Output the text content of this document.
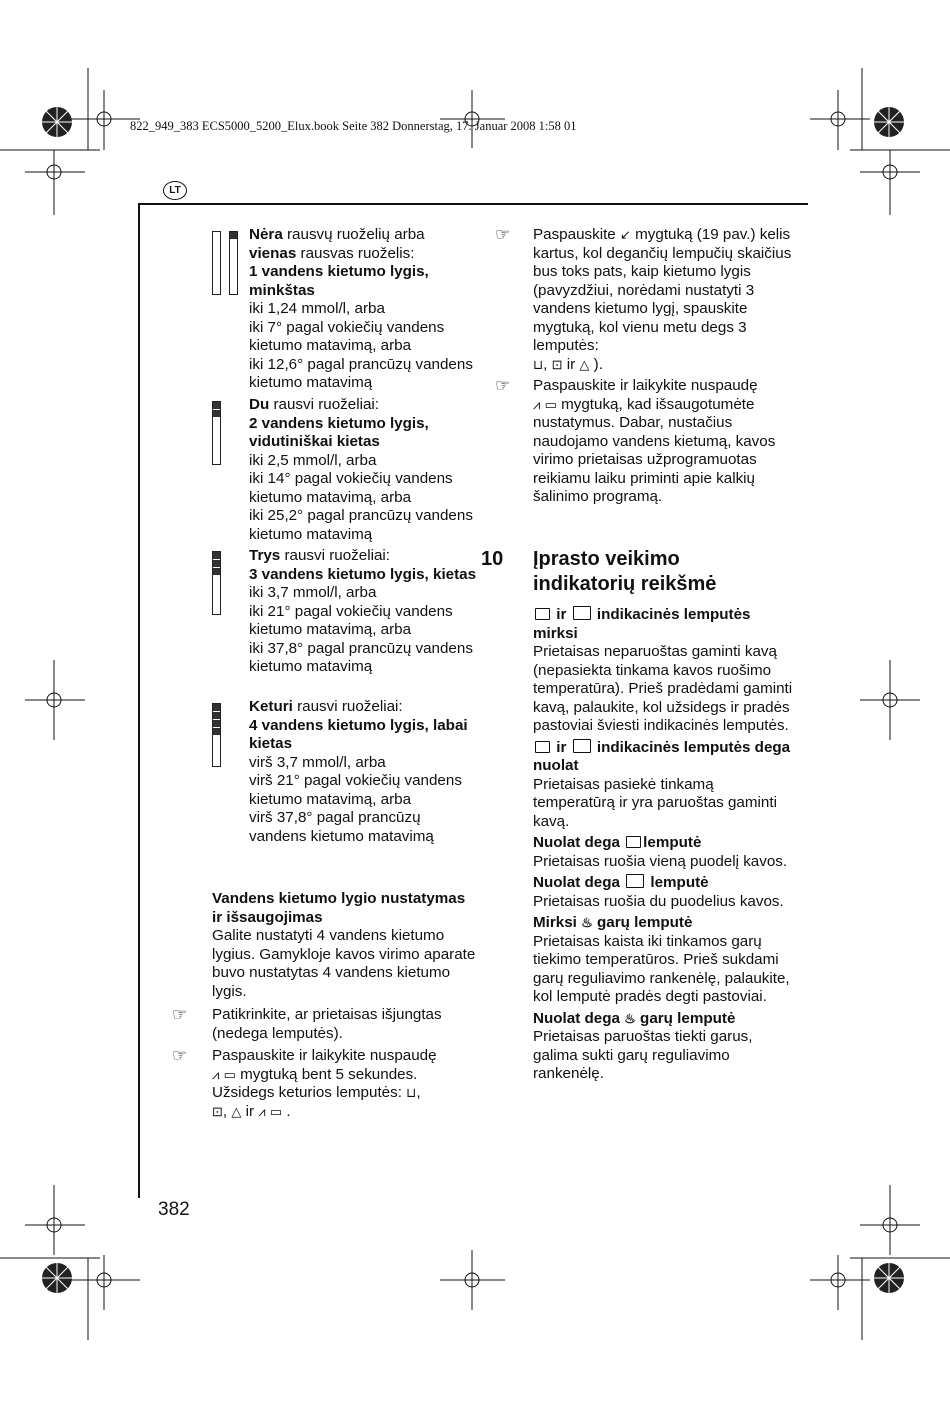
822_949_383 ECS5000_5200_Elux.book Seite 382 Donnerstag, 17. Januar 2008 1:58 01
LT

Nėra rausvų ruoželių arba

vienas rausvas ruoželis:

1 vandens kietumo lygis, minkštas

iki 1,24 mmol/l, arba

iki 7° pagal vokiečių vandens kietumo matavimą, arba

iki 12,6° pagal prancūzų vandens kietumo matavimą

Du rausvi ruoželiai:

2 vandens kietumo lygis, vidutiniškai kietas

iki 2,5 mmol/l, arba

iki 14° pagal vokiečių vandens kietumo matavimą, arba

iki 25,2° pagal prancūzų vandens kietumo matavimą

Trys rausvi ruoželiai:

3 vandens kietumo lygis, kietas

iki 3,7 mmol/l, arba

iki 21° pagal vokiečių vandens kietumo matavimą, arba

iki 37,8° pagal prancūzų vandens kietumo matavimą

Keturi rausvi ruoželiai:

4 vandens kietumo lygis, labai kietas

virš 3,7 mmol/l, arba

virš 21° pagal vokiečių vandens kietumo matavimą, arba

virš 37,8° pagal prancūzų vandens kietumo matavimą

Vandens kietumo lygio nustatymas ir išsaugojimas

Galite nustatyti 4 vandens kietumo lygius. Gamykloje kavos virimo aparate buvo nustatytas 4 vandens kietumo lygis.

☞ Patikrinkite, ar prietaisas išjungtas (nedega lemputės).

☞ Paspauskite ir laikykite nuspaudę

⩘ ▭ mygtuką bent 5 sekundes.

Užsidegs keturios lemputės: ⊔,

⊡, △ ir ⩘ ▭ .

☞ Paspauskite ↙ mygtuką (19 pav.) kelis kartus, kol degančių lempučių skaičius bus toks pats, kaip kietumo lygis (pavyzdžiui, norėdami nustatyti 3 vandens kietumo lygį, spauskite mygtuką, kol vienu metu degs 3 lemputės:

⊔, ⊡ ir △ ).

☞ Paspauskite ir laikykite nuspaudę

⩘ ▭ mygtuką, kad išsaugotumėte nustatymus. Dabar, nustačius naudojamo vandens kietumą, kavos virimo prietaisas užprogramuotas reikiamu laiku priminti apie kalkių šalinimo programą.

10 Įprasto veikimo indikatorių reikšmė

ir indikacinės lemputės mirksi

Prietaisas neparuoštas gaminti kavą (nepasiekta tinkama kavos ruošimo temperatūra). Prieš pradėdami gaminti kavą, palaukite, kol užsidegs ir pradės pastoviai šviesti indikacinės lemputės.

ir indikacinės lemputės dega nuolat

Prietaisas pasiekė tinkamą temperatūrą ir yra paruoštas gaminti kavą.

Nuolat dega lemputė

Prietaisas ruošia vieną puodelį kavos.

Nuolat dega lemputė

Prietaisas ruošia du puodelius kavos.

Mirksi ♨ garų lemputė

Prietaisas kaista iki tinkamos garų tiekimo temperatūros. Prieš sukdami garų reguliavimo rankenėlę, palaukite, kol lemputė pradės degti pastoviai.

Nuolat dega ♨ garų lemputė

Prietaisas paruoštas tiekti garus, galima sukti garų reguliavimo rankenėlę.

382
